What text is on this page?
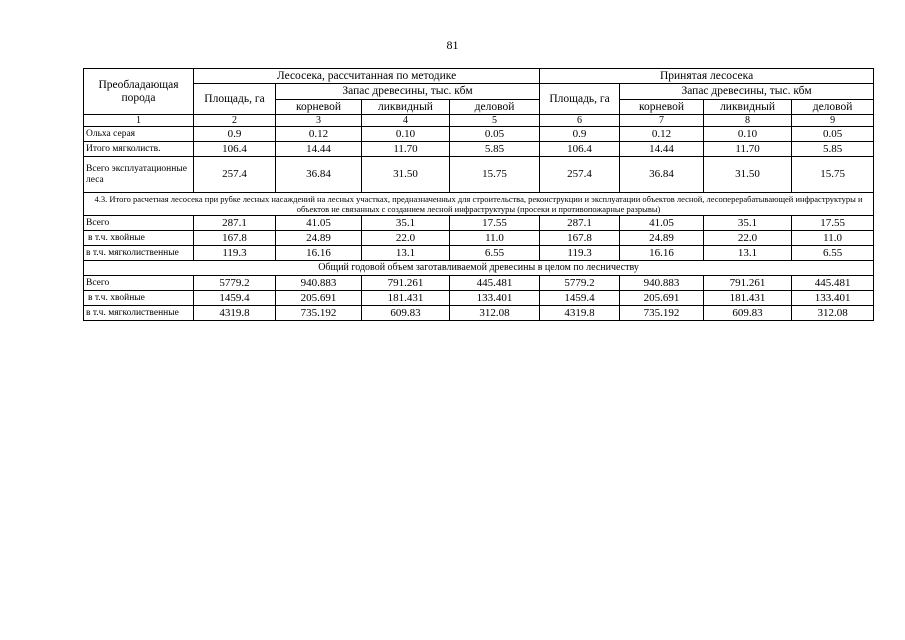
81
Преобладающая порода	Лесосека, рассчитанная по методике				Принятая лесосека			
	Площадь, га	Запас древесины, тыс. кбм			Площадь, га	Запас древесины, тыс. кбм		
		корневой	ликвидный	деловой		корневой	ликвидный	деловой
1	2	3	4	5	6	7	8	9
Ольха серая	0.9	0.12	0.10	0.05	0.9	0.12	0.10	0.05
Итого мягколиств.	106.4	14.44	11.70	5.85	106.4	14.44	11.70	5.85
Всего эксплуатационные леса	257.4	36.84	31.50	15.75	257.4	36.84	31.50	15.75
4.3. Итого расчетная лесосека при рубке лесных насаждений на лесных участках, предназначенных для строительства, реконструкции и эксплуатации объектов лесной, лесоперерабатывающей инфраструктуры и объектов не связанных с созданием лесной инфраструктуры (просеки и противопожарные разрывы)								
Всего	287.1	41.05	35.1	17.55	287.1	41.05	35.1	17.55
в т.ч. хвойные	167.8	24.89	22.0	11.0	167.8	24.89	22.0	11.0
в т.ч. мягколиственные	119.3	16.16	13.1	6.55	119.3	16.16	13.1	6.55
Общий годовой объем заготавливаемой древесины в целом по лесничеству								
Всего	5779.2	940.883	791.261	445.481	5779.2	940.883	791.261	445.481
в т.ч. хвойные	1459.4	205.691	181.431	133.401	1459.4	205.691	181.431	133.401
в т.ч. мягколиственные	4319.8	735.192	609.83	312.08	4319.8	735.192	609.83	312.08
